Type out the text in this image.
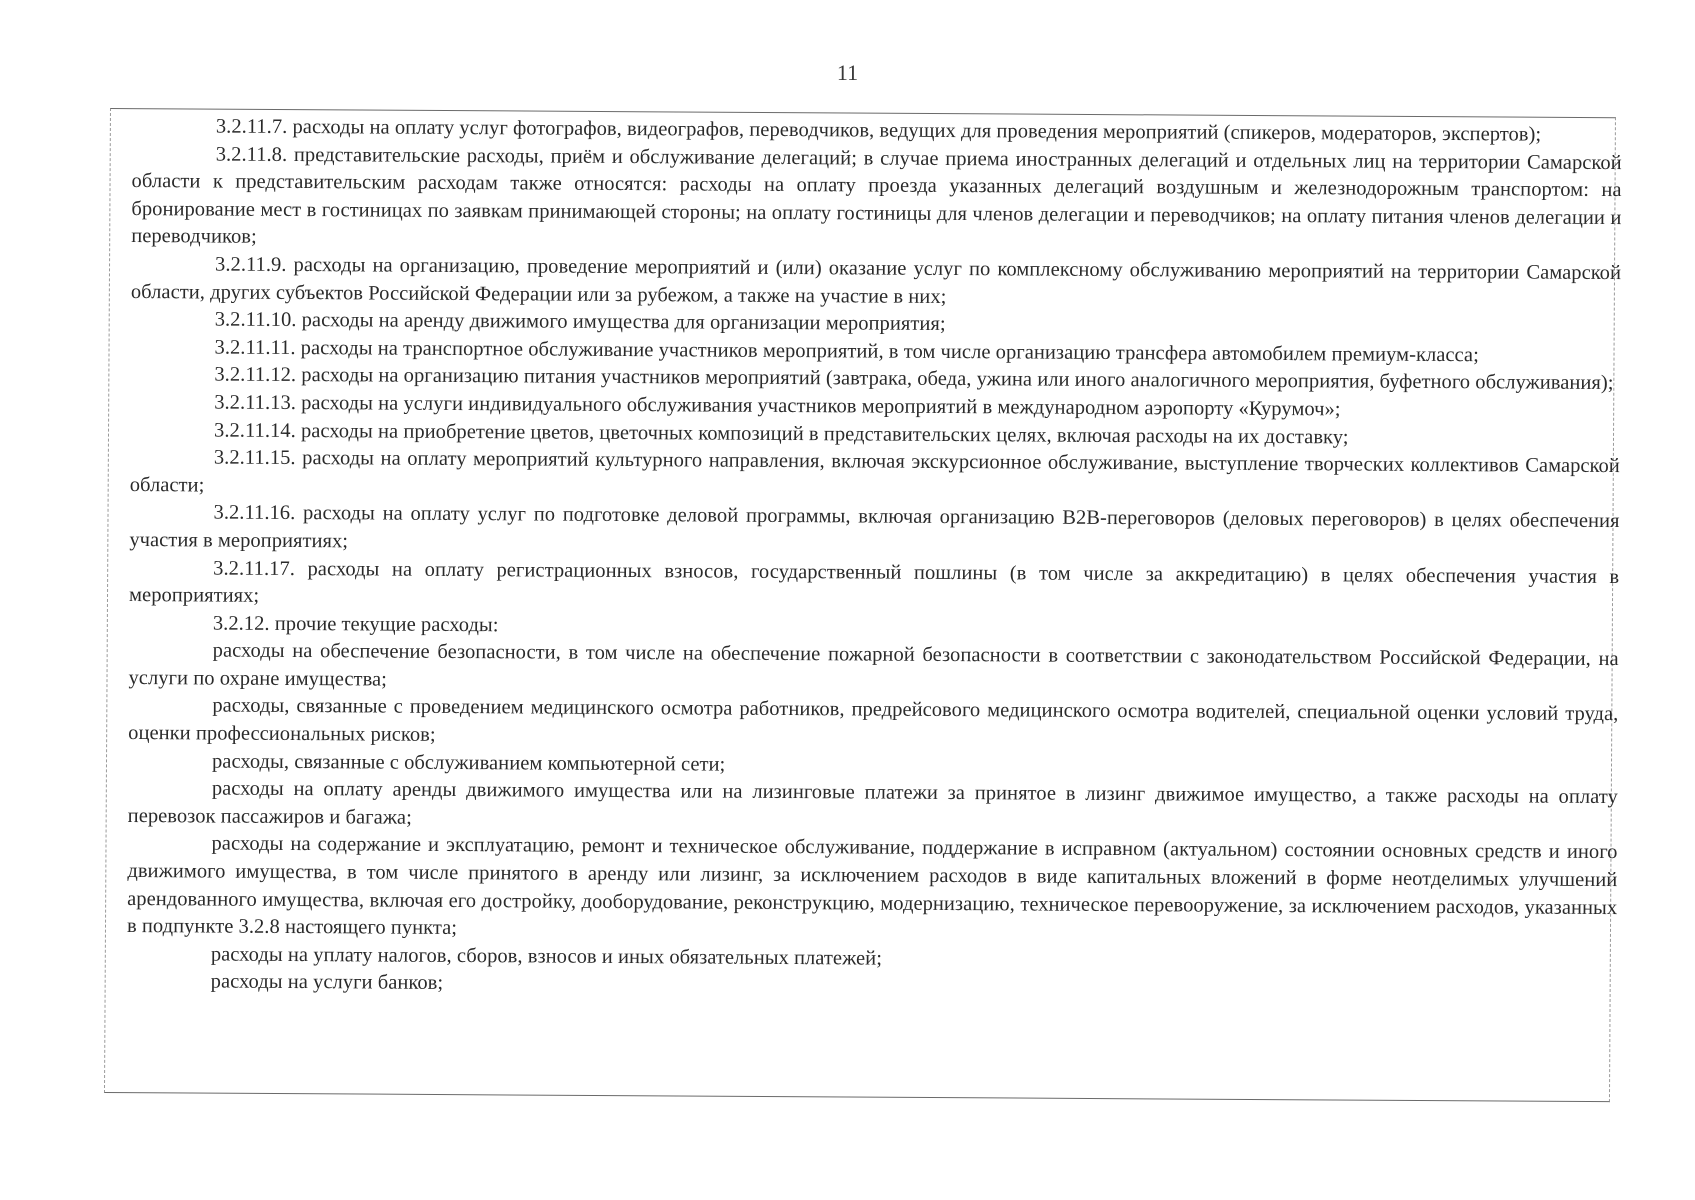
11

3.2.11.7. расходы на оплату услуг фотографов, видеографов, переводчиков, ведущих для проведения мероприятий (спикеров, модераторов, экспертов);

3.2.11.8. представительские расходы, приём и обслуживание делегаций; в случае приема иностранных делегаций и отдельных лиц на территории Самарской области к представительским расходам также относятся: расходы на оплату проезда указанных делегаций воздушным и железнодорожным транспортом: на бронирование мест в гостиницах по заявкам принимающей стороны; на оплату гостиницы для членов делегации и переводчиков; на оплату питания членов делегации и переводчиков;

3.2.11.9. расходы на организацию, проведение мероприятий и (или) оказание услуг по комплексному обслуживанию мероприятий на территории Самарской области, других субъектов Российской Федерации или за рубежом, а также на участие в них;

3.2.11.10. расходы на аренду движимого имущества для организации мероприятия;

3.2.11.11. расходы на транспортное обслуживание участников мероприятий, в том числе организацию трансфера автомобилем премиум-класса;

3.2.11.12. расходы на организацию питания участников мероприятий (завтрака, обеда, ужина или иного аналогичного мероприятия, буфетного обслуживания);

3.2.11.13. расходы на услуги индивидуального обслуживания участников мероприятий в международном аэропорту «Курумоч»;

3.2.11.14. расходы на приобретение цветов, цветочных композиций в представительских целях, включая расходы на их доставку;

3.2.11.15. расходы на оплату мероприятий культурного направления, включая экскурсионное обслуживание, выступление творческих коллективов Самарской области;

3.2.11.16. расходы на оплату услуг по подготовке деловой программы, включая организацию B2B-переговоров (деловых переговоров) в целях обеспечения участия в мероприятиях;

3.2.11.17. расходы на оплату регистрационных взносов, государственный пошлины (в том числе за аккредитацию) в целях обеспечения участия в мероприятиях;

3.2.12. прочие текущие расходы:

расходы на обеспечение безопасности, в том числе на обеспечение пожарной безопасности в соответствии с законодательством Российской Федерации, на услуги по охране имущества;

расходы, связанные с проведением медицинского осмотра работников, предрейсового медицинского осмотра водителей, специальной оценки условий труда, оценки профессиональных рисков;

расходы, связанные с обслуживанием компьютерной сети;

расходы на оплату аренды движимого имущества или на лизинговые платежи за принятое в лизинг движимое имущество, а также расходы на оплату перевозок пассажиров и багажа;

расходы на содержание и эксплуатацию, ремонт и техническое обслуживание, поддержание в исправном (актуальном) состоянии основных средств и иного движимого имущества, в том числе принятого в аренду или лизинг, за исключением расходов в виде капитальных вложений в форме неотделимых улучшений арендованного имущества, включая его достройку, дооборудование, реконструкцию, модернизацию, техническое перевооружение, за исключением расходов, указанных в подпункте 3.2.8 настоящего пункта;

расходы на уплату налогов, сборов, взносов и иных обязательных платежей;

расходы на услуги банков;
